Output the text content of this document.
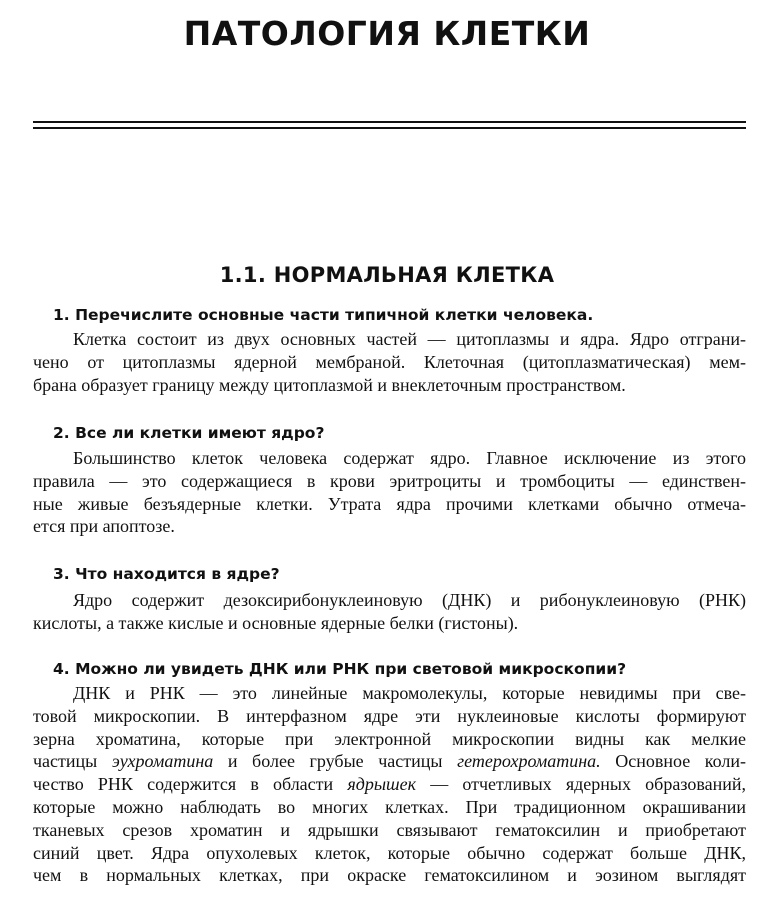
ПАТОЛОГИЯ КЛЕТКИ
1.1. НОРМАЛЬНАЯ КЛЕТКА
1. Перечислите основные части типичной клетки человека.
Клетка состоит из двух основных частей — цитоплазмы и ядра. Ядро отграни-
чено от цитоплазмы ядерной мембраной. Клеточная (цитоплазматическая) мем-
брана образует границу между цитоплазмой и внеклеточным пространством.
2. Все ли клетки имеют ядро?
Большинство клеток человека содержат ядро. Главное исключение из этого
правила — это содержащиеся в крови эритроциты и тромбоциты — единствен-
ные живые безъядерные клетки. Утрата ядра прочими клетками обычно отмеча-
ется при апоптозе.
3. Что находится в ядре?
Ядро содержит дезоксирибонуклеиновую (ДНК) и рибонуклеиновую (РНК)
кислоты, а также кислые и основные ядерные белки (гистоны).
4. Можно ли увидеть ДНК или РНК при световой микроскопии?
ДНК и РНК — это линейные макромолекулы, которые невидимы при све-
товой микроскопии. В интерфазном ядре эти нуклеиновые кислоты формируют
зерна хроматина, которые при электронной микроскопии видны как мелкие
частицы эухроматина и более грубые частицы гетерохроматина. Основное коли-
чество РНК содержится в области ядрышек — отчетливых ядерных образований,
которые можно наблюдать во многих клетках. При традиционном окрашивании
тканевых срезов хроматин и ядрышки связывают гематоксилин и приобретают
синий цвет. Ядра опухолевых клеток, которые обычно содержат больше ДНК,
чем в нормальных клетках, при окраске гематоксилином и эозином выглядят
